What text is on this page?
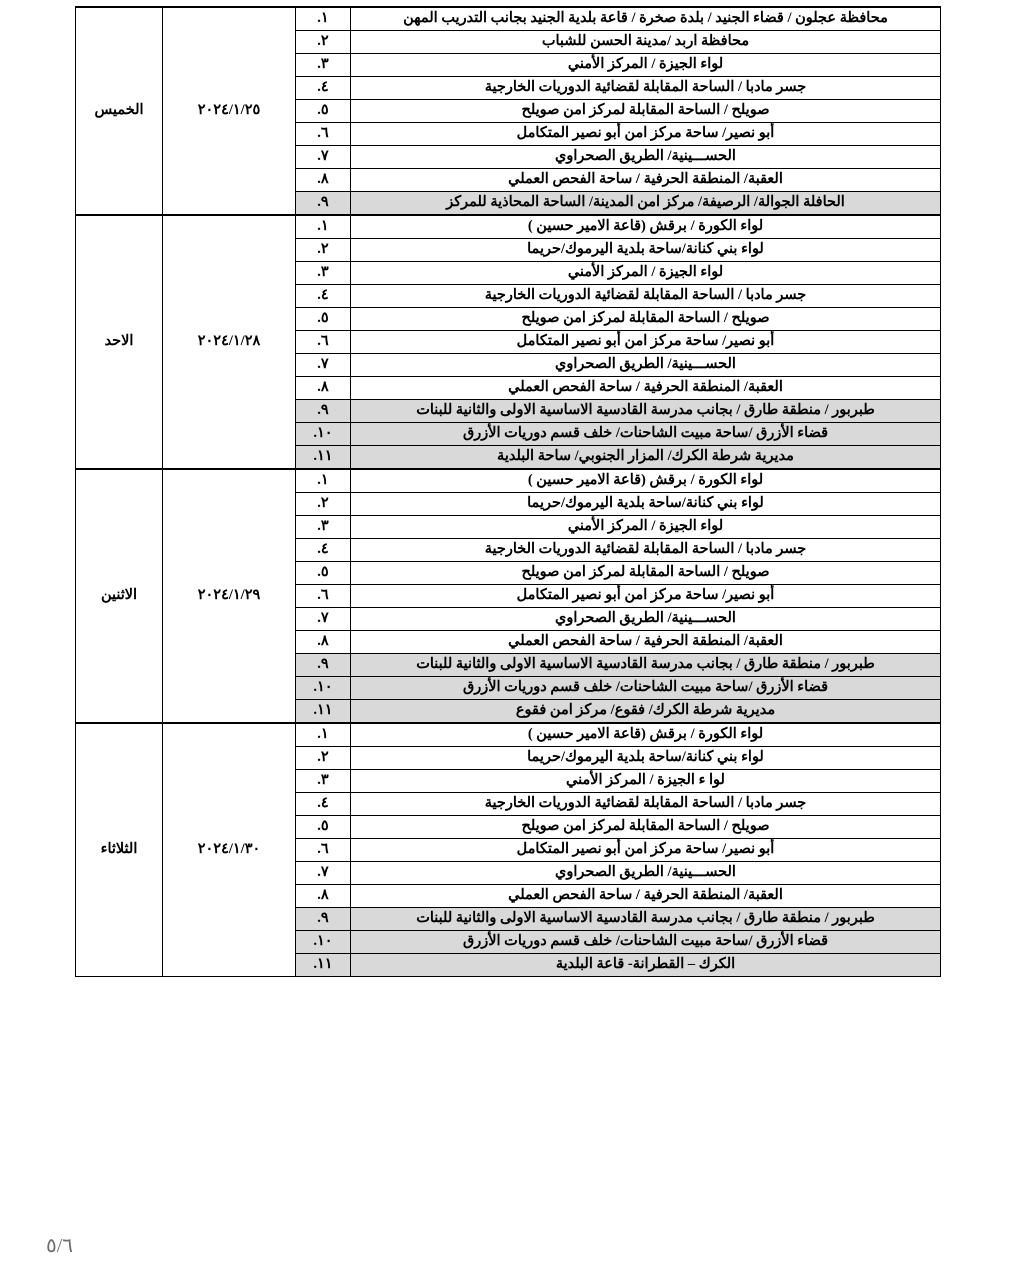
محافظة عجلون / قضاء الجنيد / بلدة صخرة / قاعة بلدية الجنيد بجانب التدريب المهن	١.	٢٠٢٤/١/٢٥	الخميس
محافظة اربد /مدينة الحسن للشباب	٢.		
لواء الجيزة / المركز الأمني	٣.		
جسر مادبا / الساحة المقابلة لقضائية الدوريات الخارجية	٤.		
صويلح / الساحة المقابلة لمركز امن صويلح	٥.		
أبو نصير/ ساحة مركز امن أبو نصير المتكامل	٦.		
الحســـينية/ الطريق الصحراوي	٧.		
العقبة/ المنطقة الحرفية / ساحة الفحص العملي	٨.		
الحافلة الجوالة/ الرصيفة/ مركز امن المدينة/ الساحة المحاذية للمركز	٩.		
لواء الكورة / برقش (قاعة الامير حسين )	١.	٢٠٢٤/١/٢٨	الاحد
لواء بني كنانة/ساحة بلدية اليرموك/حريما	٢.		
لواء الجيزة / المركز الأمني	٣.		
جسر مادبا / الساحة المقابلة لقضائية الدوريات الخارجية	٤.		
صويلح / الساحة المقابلة لمركز امن صويلح	٥.		
أبو نصير/ ساحة مركز امن أبو نصير المتكامل	٦.		
الحســـينية/ الطريق الصحراوي	٧.		
العقبة/ المنطقة الحرفية / ساحة الفحص العملي	٨.		
طبربور / منطقة طارق / بجانب مدرسة القادسية الاساسية الاولى والثانية للبنات	٩.		
قضاء الأزرق /ساحة مبيت الشاحنات/ خلف قسم دوريات الأزرق	١٠.		
مديرية شرطة الكرك/ المزار الجنوبي/ ساحة البلدية	١١.		
لواء الكورة / برقش (قاعة الامير حسين )	١.	٢٠٢٤/١/٢٩	الاثنين
لواء بني كنانة/ساحة بلدية اليرموك/حريما	٢.		
لواء الجيزة / المركز الأمني	٣.		
جسر مادبا / الساحة المقابلة لقضائية الدوريات الخارجية	٤.		
صويلح / الساحة المقابلة لمركز امن صويلح	٥.		
أبو نصير/ ساحة مركز امن أبو نصير المتكامل	٦.		
الحســـينية/ الطريق الصحراوي	٧.		
العقبة/ المنطقة الحرفية / ساحة الفحص العملي	٨.		
طبربور / منطقة طارق / بجانب مدرسة القادسية الاساسية الاولى والثانية للبنات	٩.		
قضاء الأزرق /ساحة مبيت الشاحنات/ خلف قسم دوريات الأزرق	١٠.		
مديرية شرطة الكرك/ فقوع/ مركز امن فقوع	١١.		
لواء الكورة / برقش (قاعة الامير حسين )	١.	٢٠٢٤/١/٣٠	الثلاثاء
لواء بني كنانة/ساحة بلدية اليرموك/حريما	٢.		
لوا ء الجيزة / المركز الأمني	٣.		
جسر مادبا / الساحة المقابلة لقضائية الدوريات الخارجية	٤.		
صويلح / الساحة المقابلة لمركز امن صويلح	٥.		
أبو نصير/ ساحة مركز امن أبو نصير المتكامل	٦.		
الحســـينية/ الطريق الصحراوي	٧.		
العقبة/ المنطقة الحرفية / ساحة الفحص العملي	٨.		
طبربور / منطقة طارق / بجانب مدرسة القادسية الاساسية الاولى والثانية للبنات	٩.		
قضاء الأزرق /ساحة مبيت الشاحنات/ خلف قسم دوريات الأزرق	١٠.		
الكرك – القطرانة- قاعة البلدية	١١.		
٥/٦
